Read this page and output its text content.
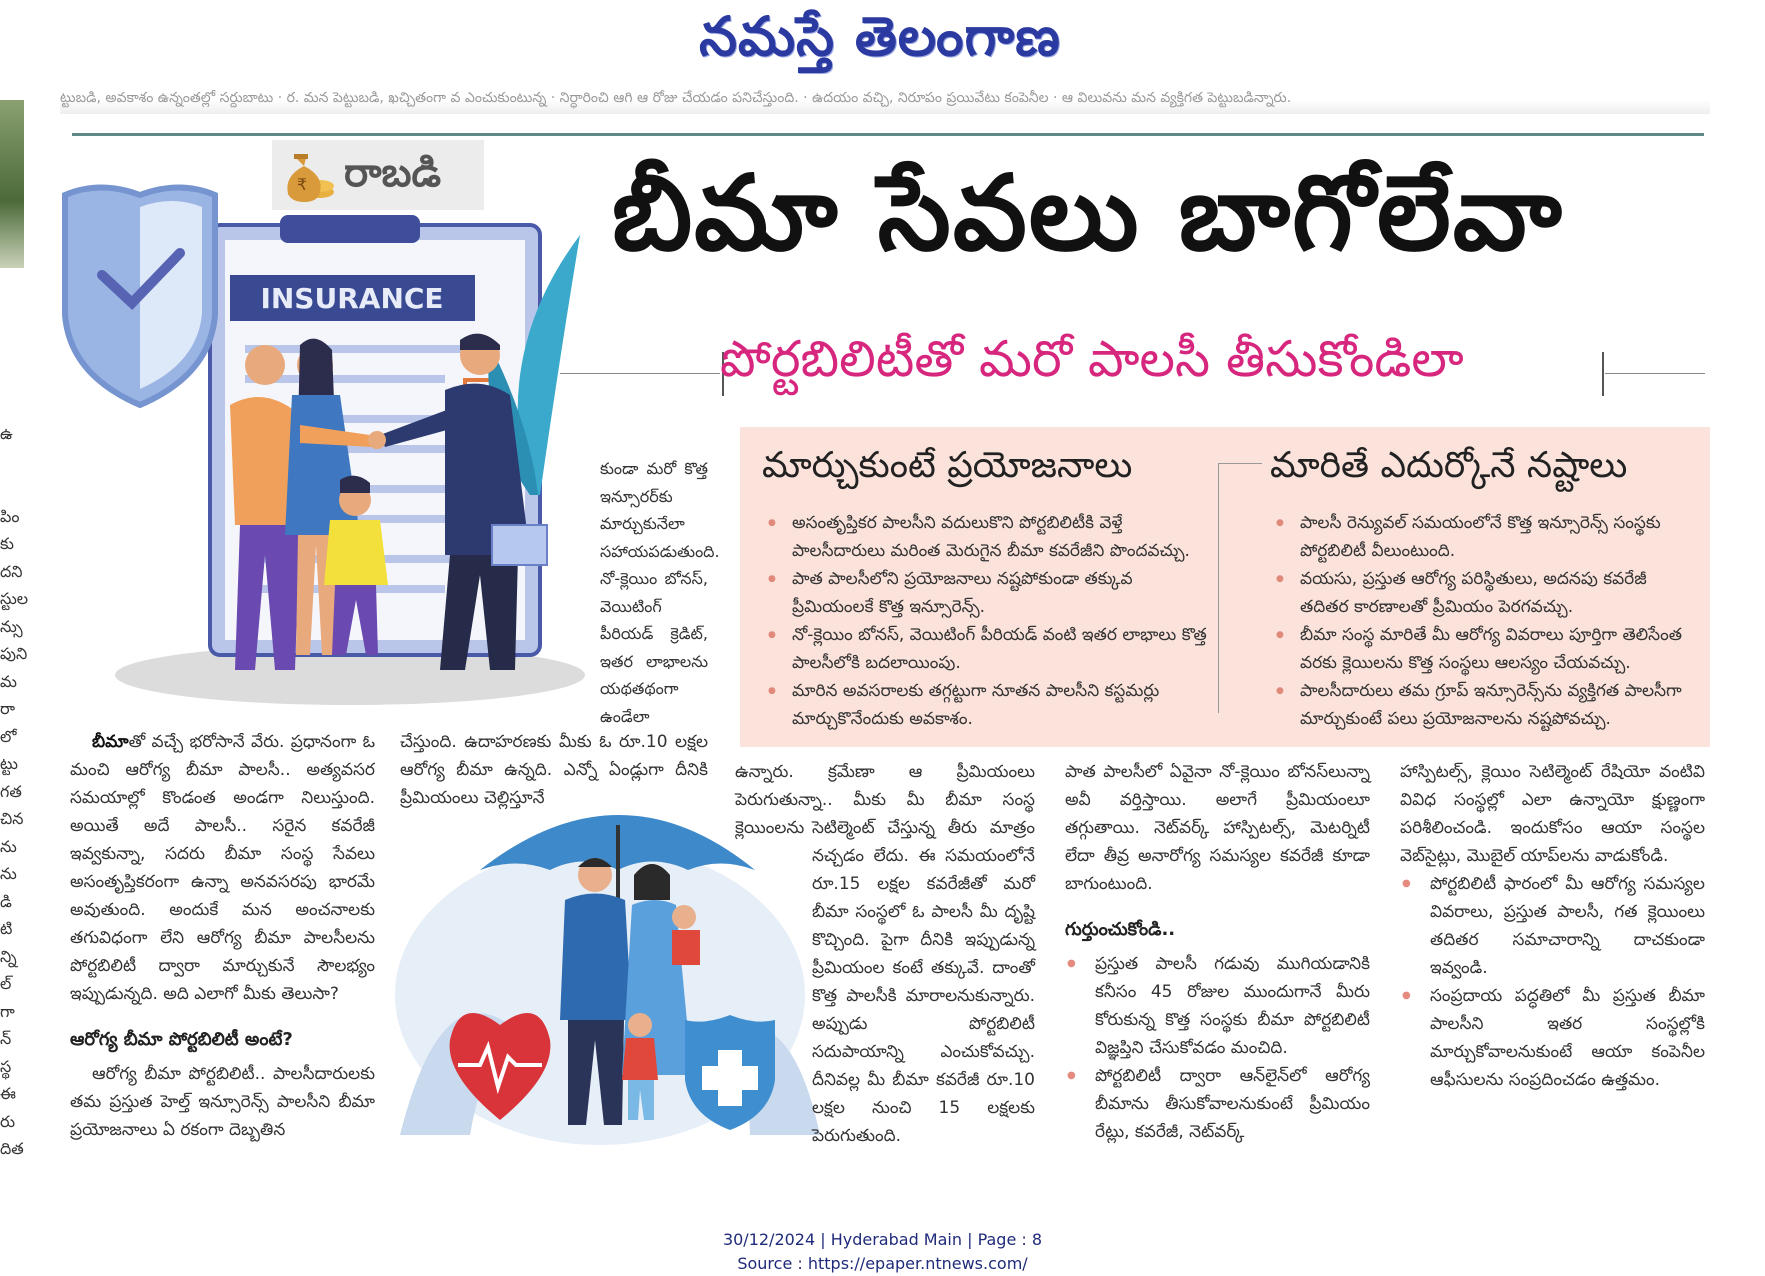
నమస్తే తెలంగాణ
ట్టుబడి, అవకాశం ఉన్నంతల్లో సర్దుబాటు · ర. మన పెట్టుబడి, ఖచ్చితంగా వ ఎంచుకుంటున్న · నిర్ధారించి ఆగి ఆ రోజు చేయడం పనిచేస్తుంది. · ఉదయం వచ్చి, నిరూపం ప్రయివేటు కంపెనీల · ఆ విలువను మన వ్యక్తిగత పెట్టుబడిన్నారు.
ఉ
పిం
కు
దని
స్టుల
న్సు
పుని
మ
రా
లో
ట్టు
గత
చిన
ను
ను
డి
టి
న్ని
ల్
గా
న్
స్థ
ఈ
రు
దిత
₹ రాబడి
INSURANCE
బీమా సేవలు బాగోలేవా
పోర్టబిలిటీతో మరో పాలసీ తీసుకోండిలా
కుండా మరో కొత్త ఇన్సూరర్‌కు మార్చుకునేలా సహాయపడుతుంది. నో-క్లెయిం బోనస్, వెయిటింగ్ పీరియడ్ క్రెడిట్, ఇతర లాభాలను యథతథంగా ఉండేలా
మార్చుకుంటే ప్రయోజనాలు
● అసంతృప్తికర పాలసీని వదులుకొని పోర్టబిలిటీకి వెళ్తే పాలసీదారులు మరింత మెరుగైన బీమా కవరేజీని పొందవచ్చు.
● పాత పాలసీలోని ప్రయోజనాలు నష్టపోకుండా తక్కువ ప్రీమియంలకే కొత్త ఇన్సూరెన్స్.
● నో-క్లెయిం బోనస్, వెయిటింగ్ పీరియడ్ వంటి ఇతర లాభాలు కొత్త పాలసీలోకి బదలాయింపు.
● మారిన అవసరాలకు తగ్గట్టుగా నూతన పాలసీని కస్టమర్లు మార్చుకొనేందుకు అవకాశం.
మారితే ఎదుర్కోనే నష్టాలు
● పాలసీ రెన్యువల్ సమయంలోనే కొత్త ఇన్సూరెన్స్ సంస్థకు పోర్టబిలిటీ వీలుంటుంది.
● వయసు, ప్రస్తుత ఆరోగ్య పరిస్థితులు, అదనపు కవరేజీ తదితర కారణాలతో ప్రీమియం పెరగవచ్చు.
● బీమా సంస్థ మారితే మీ ఆరోగ్య వివరాలు పూర్తిగా తెలిసేంత వరకు క్లెయిలను కొత్త సంస్థలు ఆలస్యం చేయవచ్చు.
● పాలసీదారులు తమ గ్రూప్ ఇన్సూరెన్స్‌ను వ్యక్తిగత పాలసీగా మార్చుకుంటే పలు ప్రయోజనాలను నష్టపోవచ్చు.

బీమాతో వచ్చే భరోసానే వేరు. ప్రధానంగా ఓ మంచి ఆరోగ్య బీమా పాలసీ.. అత్యవసర సమయాల్లో కొండంత అండగా నిలుస్తుంది. అయితే అదే పాలసీ.. సరైన కవరేజీ ఇవ్వకున్నా, సదరు బీమా సంస్థ సేవలు అసంతృప్తికరంగా ఉన్నా అనవసరపు భారమే అవుతుంది. అందుకే మన అంచనాలకు తగువిధంగా లేని ఆరోగ్య బీమా పాలసీలను పోర్టబిలిటీ ద్వారా మార్చుకునే సౌలభ్యం ఇప్పుడున్నది. అది ఎలాగో మీకు తెలుసా?

ఆరోగ్య బీమా పోర్టబిలిటీ అంటే?

ఆరోగ్య బీమా పోర్టబిలిటీ.. పాలసీదారులకు తమ ప్రస్తుత హెల్త్ ఇన్సూరెన్స్ పాలసీని బీమా ప్రయోజనాలు ఏ రకంగా దెబ్బతిన

చేస్తుంది. ఉదాహరణకు మీకు ఓ రూ.10 లక్షల ఆరోగ్య బీమా ఉన్నది. ఎన్నో ఏండ్లుగా దీనికి ప్రీమియంలు చెల్లిస్తూనే

ఉన్నారు. క్రమేణా ఆ ప్రీమియంలు పెరుగుతున్నా.. మీకు మీ బీమా సంస్థ క్లెయింలను సెటిల్మెంట్ చేస్తున్న తీరు మాత్రం నచ్చడం లేదు. ఈ సమయంలోనే రూ.15 లక్షల కవరేజీతో మరో బీమా సంస్థలో ఓ పాలసీ మీ దృష్టి కొచ్చింది. పైగా దీనికి ఇప్పుడున్న ప్రీమియంల కంటే తక్కువే. దాంతో కొత్త పాలసీకి మారాలనుకున్నారు. అప్పుడు పోర్టబిలిటీ సదుపాయాన్ని ఎంచుకోవచ్చు. దీనివల్ల మీ బీమా కవరేజీ రూ.10 లక్షల నుంచి 15 లక్షలకు పెరుగుతుంది.

పాత పాలసీలో ఏవైనా నో-క్లెయిం బోనస్‌లున్నా అవీ వర్తిస్తాయి. అలాగే ప్రీమియంలూ తగ్గుతాయి. నెట్‌వర్క్ హాస్పిటల్స్, మెటర్నిటీ లేదా తీవ్ర అనారోగ్య సమస్యల కవరేజీ కూడా బాగుంటుంది.

గుర్తుంచుకోండి..
● ప్రస్తుత పాలసీ గడువు ముగియడానికి కనీసం 45 రోజుల ముందుగానే మీరు కోరుకున్న కొత్త సంస్థకు బీమా పోర్టబిలిటీ విజ్ఞప్తిని చేసుకోవడం మంచిది.
● పోర్టబిలిటీ ద్వారా ఆన్‌లైన్‌లో ఆరోగ్య బీమాను తీసుకోవాలనుకుంటే ప్రీమియం రేట్లు, కవరేజీ, నెట్‌వర్క్

హాస్పిటల్స్, క్లెయిం సెటిల్మెంట్ రేషియో వంటివి వివిధ సంస్థల్లో ఎలా ఉన్నాయో క్షుణ్ణంగా పరిశీలించండి. ఇందుకోసం ఆయా సంస్థల వెబ్‌సైట్లు, మొబైల్ యాప్‌లను వాడుకోండి.

● పోర్టబిలిటీ ఫారంలో మీ ఆరోగ్య సమస్యల వివరాలు, ప్రస్తుత పాలసీ, గత క్లెయింలు తదితర సమాచారాన్ని దాచకుండా ఇవ్వండి.
● సంప్రదాయ పద్ధతిలో మీ ప్రస్తుత బీమా పాలసీని ఇతర సంస్థల్లోకి మార్చుకోవాలనుకుంటే ఆయా కంపెనీల ఆఫీసులను సంప్రదించడం ఉత్తమం.
30/12/2024 | Hyderabad Main | Page : 8
Source : https://epaper.ntnews.com/
